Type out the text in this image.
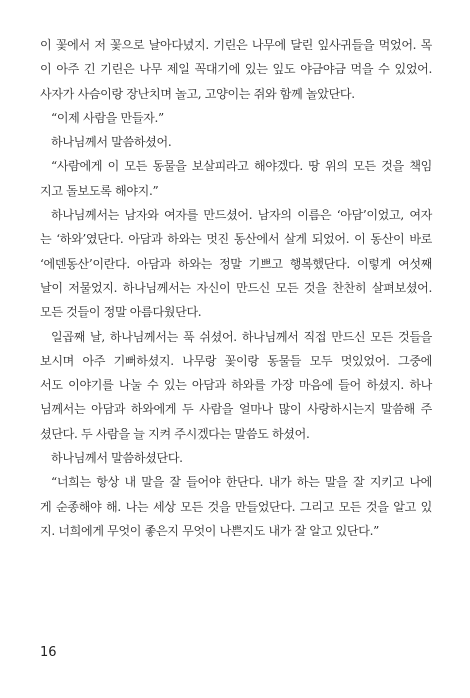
이 꽃에서 저 꽃으로 날아다녔지. 기린은 나무에 달린 잎사귀들을 먹었어. 목
이 아주 긴 기린은 나무 제일 꼭대기에 있는 잎도 야금야금 먹을 수 있었어.
사자가 사슴이랑 장난치며 놀고, 고양이는 쥐와 함께 놀았단다.
“이제 사람을 만들자.”
하나님께서 말씀하셨어.
“사람에게 이 모든 동물을 보살피라고 해야겠다. 땅 위의 모든 것을 책임
지고 돌보도록 해야지.”
하나님께서는 남자와 여자를 만드셨어. 남자의 이름은 ‘아담’이었고, 여자
는 ‘하와’였단다. 아담과 하와는 멋진 동산에서 살게 되었어. 이 동산이 바로
‘에덴동산’이란다. 아담과 하와는 정말 기쁘고 행복했단다. 이렇게 여섯째
날이 저물었지. 하나님께서는 자신이 만드신 모든 것을 찬찬히 살펴보셨어.
모든 것들이 정말 아름다웠단다.
일곱째 날, 하나님께서는 푹 쉬셨어. 하나님께서 직접 만드신 모든 것들을
보시며 아주 기뻐하셨지. 나무랑 꽃이랑 동물들 모두 멋있었어. 그중에
서도 이야기를 나눌 수 있는 아담과 하와를 가장 마음에 들어 하셨지. 하나
님께서는 아담과 하와에게 두 사람을 얼마나 많이 사랑하시는지 말씀해 주
셨단다. 두 사람을 늘 지켜 주시겠다는 말씀도 하셨어.
하나님께서 말씀하셨단다.
“너희는 항상 내 말을 잘 들어야 한단다. 내가 하는 말을 잘 지키고 나에
게 순종해야 해. 나는 세상 모든 것을 만들었단다. 그리고 모든 것을 알고 있
지. 너희에게 무엇이 좋은지 무엇이 나쁜지도 내가 잘 알고 있단다.”
16
